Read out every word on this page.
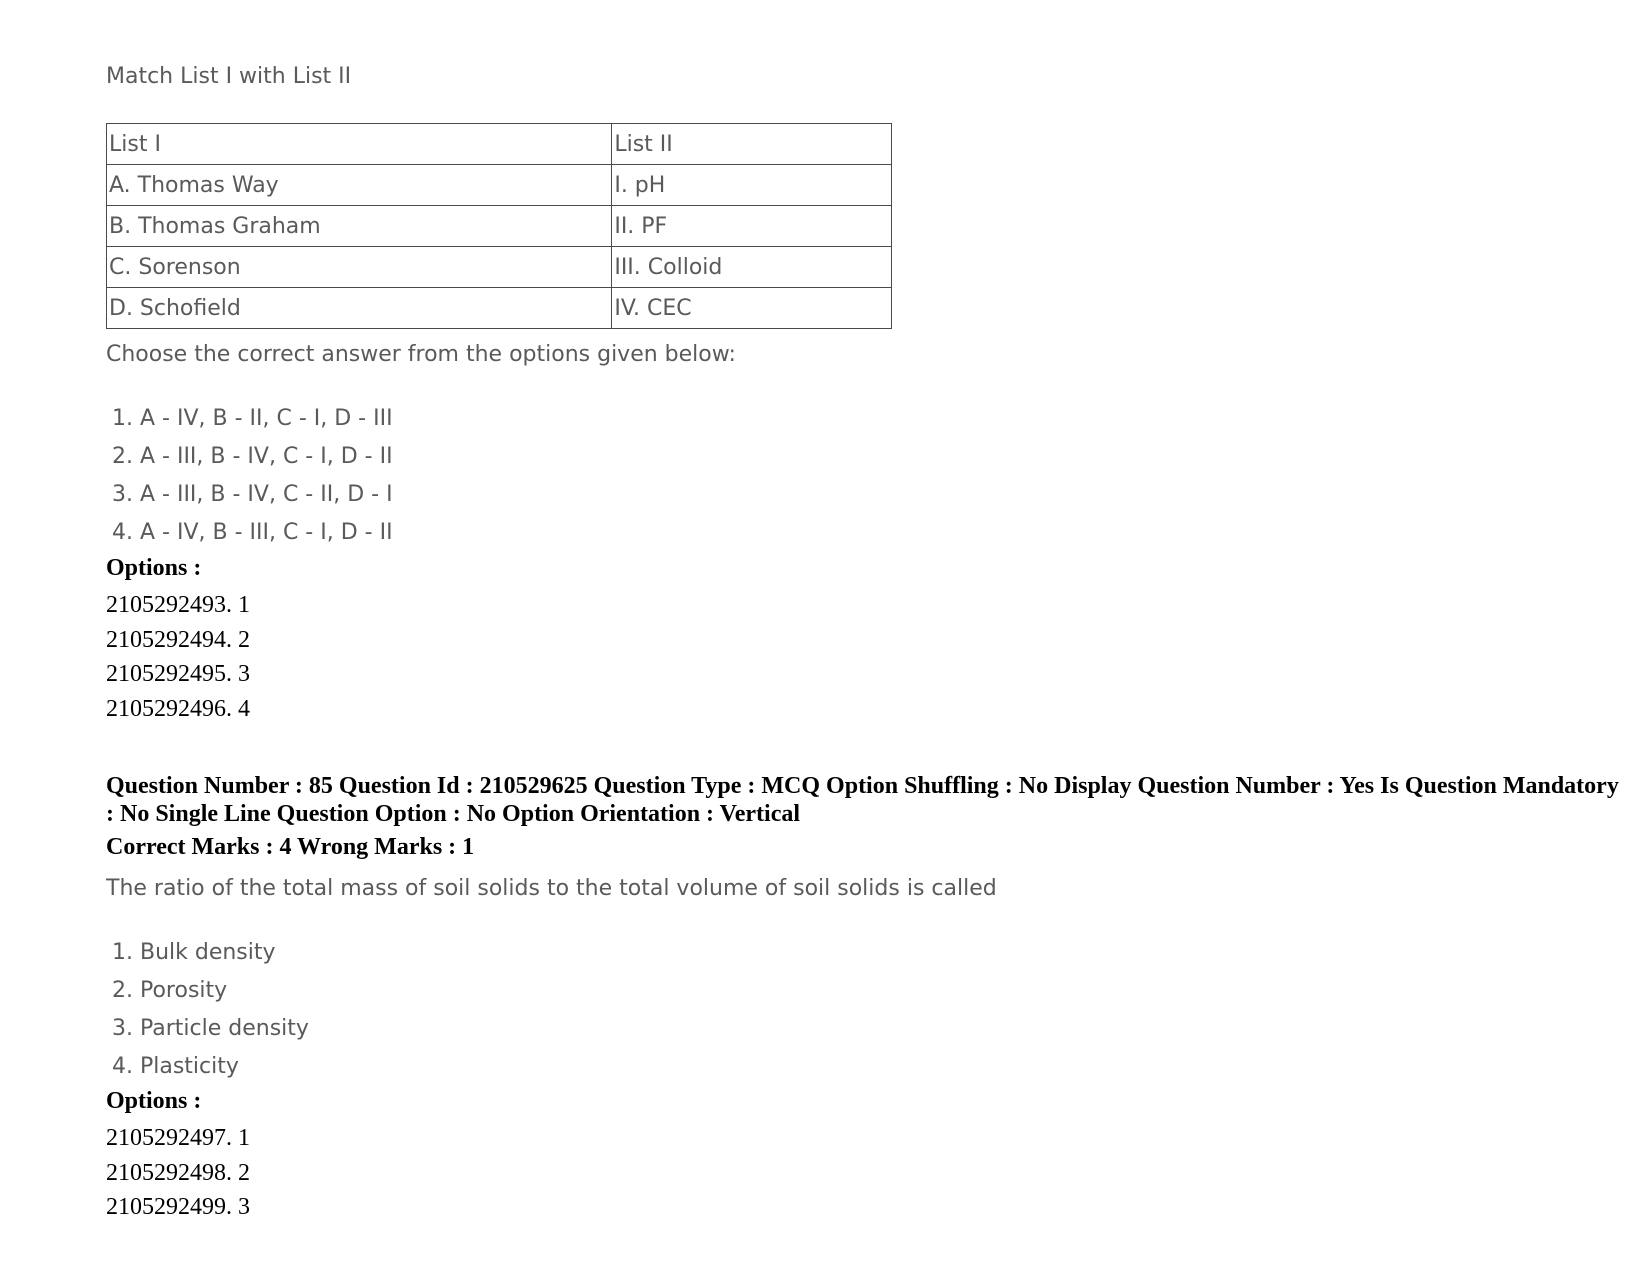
Match List I with List II
List I	List II
A. Thomas Way	I. pH
B. Thomas Graham	II. PF
C. Sorenson	III. Colloid
D. Schofield	IV. CEC
Choose the correct answer from the options given below:
1. A - IV, B - II, C - I, D - III
2. A - III, B - IV, C - I, D - II
3. A - III, B - IV, C - II, D - I
4. A - IV, B - III, C - I, D - II
Options :
2105292493. 1
2105292494. 2
2105292495. 3
2105292496. 4
Question Number : 85 Question Id : 210529625 Question Type : MCQ Option Shuffling : No Display Question Number : Yes Is Question Mandatory : No Single Line Question Option : No Option Orientation : Vertical
Correct Marks : 4 Wrong Marks : 1
The ratio of the total mass of soil solids to the total volume of soil solids is called
1. Bulk density
2. Porosity
3. Particle density
4. Plasticity
Options :
2105292497. 1
2105292498. 2
2105292499. 3
